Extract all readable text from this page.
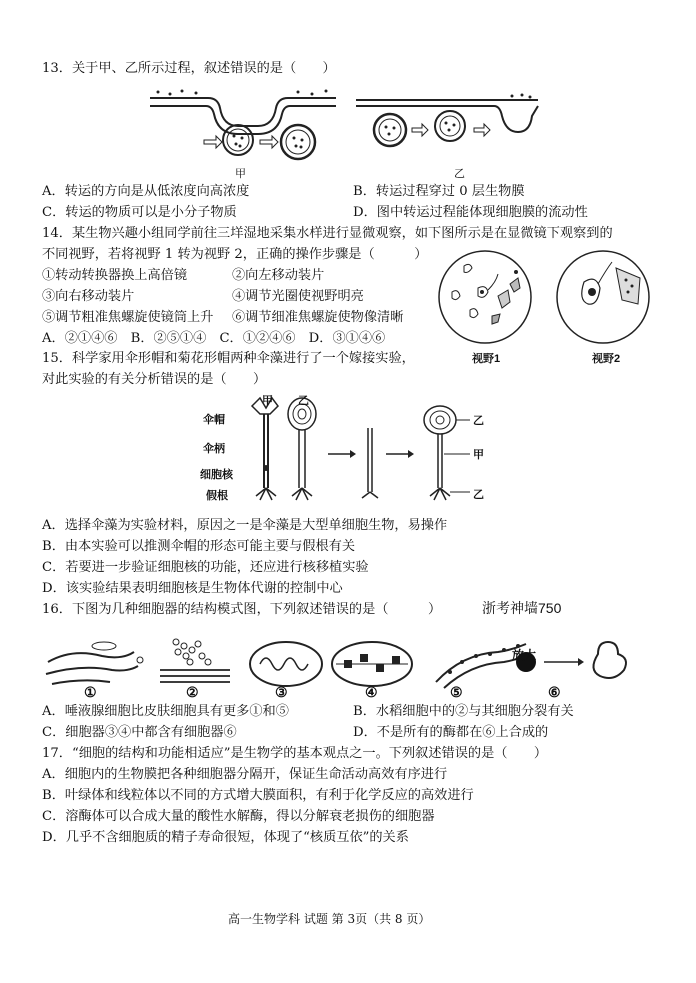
13．关于甲、乙所示过程，叙述错误的是（　　）
甲	乙
A．转运的方向是从低浓度向高浓度	B．转运过程穿过 0 层生物膜
C．转运的物质可以是小分子物质	D．图中转运过程能体现细胞膜的流动性
14．某生物兴趣小组同学前往三垟湿地采集水样进行显微观察，如下图所示是在显微镜下观察到的
不同视野，若将视野 1 转为视野 2，正确的操作步骤是（　　　）
①转动转换器换上高倍镜	②向左移动装片
③向右移动装片	④调节光圈使视野明亮
⑤调节粗准焦螺旋使镜筒上升 ⑥调节细准焦螺旋使物像清晰
A．②①④⑥　B．②⑤①④　C．①②④⑥　D．③①④⑥
视野1	视野2
15．科学家用伞形帽和菊花形帽两种伞藻进行了一个嫁接实验，
对此实验的有关分析错误的是（　　）
伞帽
伞柄
细胞核
假根
甲 乙
乙
甲
乙
A．选择伞藻为实验材料，原因之一是伞藻是大型单细胞生物，易操作
B．由本实验可以推测伞帽的形态可能主要与假根有关
C．若要进一步验证细胞核的功能，还应进行核移植实验
D．该实验结果表明细胞核是生物体代谢的控制中心
16．下图为几种细胞器的结构模式图，下列叙述错误的是（　　　）	浙考神墙750
放大
①	②	③	④	⑤	⑥
A．唾液腺细胞比皮肤细胞具有更多①和⑤	B．水稻细胞中的②与其细胞分裂有关
C．细胞器③④中都含有细胞器⑥	D．不是所有的酶都在⑥上合成的
17．“细胞的结构和功能相适应”是生物学的基本观点之一。下列叙述错误的是（　　）
A．细胞内的生物膜把各种细胞器分隔开，保证生命活动高效有序进行
B．叶绿体和线粒体以不同的方式增大膜面积，有利于化学反应的高效进行
C．溶酶体可以合成大量的酸性水解酶，得以分解衰老损伤的细胞器
D．几乎不含细胞质的精子寿命很短，体现了“核质互依”的关系
高一生物学科 试题 第 3页（共 8 页）
